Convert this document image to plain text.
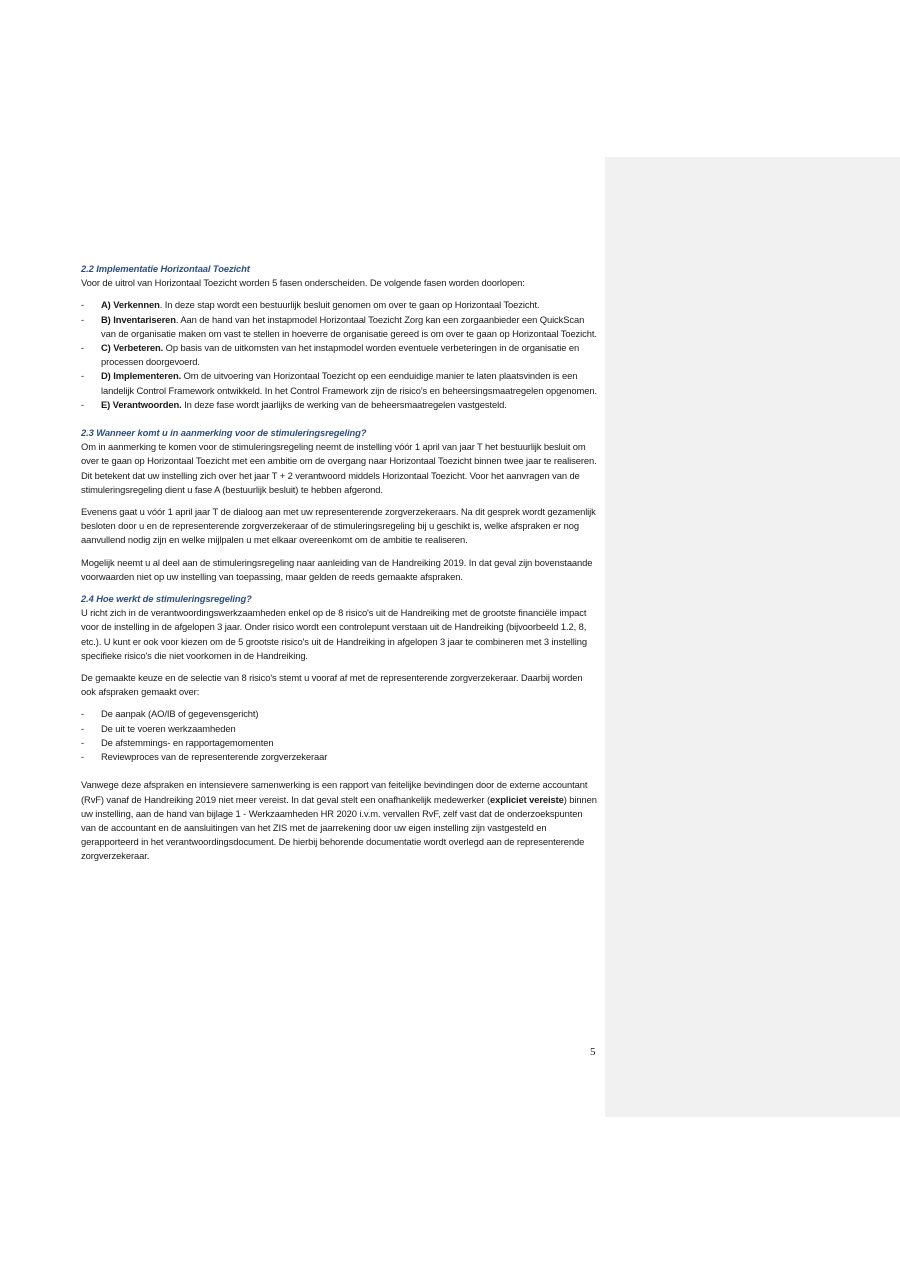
2.2 Implementatie Horizontaal Toezicht

Voor de uitrol van Horizontaal Toezicht worden 5 fasen onderscheiden. De volgende fasen worden doorlopen:

- A) Verkennen. In deze stap wordt een bestuurlijk besluit genomen om over te gaan op Horizontaal Toezicht.
- B) Inventariseren. Aan de hand van het instapmodel Horizontaal Toezicht Zorg kan een zorgaanbieder een QuickScan van de organisatie maken om vast te stellen in hoeverre de organisatie gereed is om over te gaan op Horizontaal Toezicht.
- C) Verbeteren. Op basis van de uitkomsten van het instapmodel worden eventuele verbeteringen in de organisatie en processen doorgevoerd.
- D) Implementeren. Om de uitvoering van Horizontaal Toezicht op een eenduidige manier te laten plaatsvinden is een landelijk Control Framework ontwikkeld. In het Control Framework zijn de risico's en beheersingsmaatregelen opgenomen.
- E) Verantwoorden. In deze fase wordt jaarlijks de werking van de beheersmaatregelen vastgesteld.

2.3 Wanneer komt u in aanmerking voor de stimuleringsregeling?

Om in aanmerking te komen voor de stimuleringsregeling neemt de instelling vóór 1 april van jaar T het bestuurlijk besluit om over te gaan op Horizontaal Toezicht met een ambitie om de overgang naar Horizontaal Toezicht binnen twee jaar te realiseren. Dit betekent dat uw instelling zich over het jaar T + 2 verantwoord middels Horizontaal Toezicht. Voor het aanvragen van de stimuleringsregeling dient u fase A (bestuurlijk besluit) te hebben afgerond.

Evenens gaat u vóór 1 april jaar T de dialoog aan met uw representerende zorgverzekeraars. Na dit gesprek wordt gezamenlijk besloten door u en de representerende zorgverzekeraar of de stimuleringsregeling bij u geschikt is, welke afspraken er nog aanvullend nodig zijn en welke mijlpalen u met elkaar overeenkomt om de ambitie te realiseren.

Mogelijk neemt u al deel aan de stimuleringsregeling naar aanleiding van de Handreiking 2019. In dat geval zijn bovenstaande voorwaarden niet op uw instelling van toepassing, maar gelden de reeds gemaakte afspraken.

2.4 Hoe werkt de stimuleringsregeling?

U richt zich in de verantwoordingswerkzaamheden enkel op de 8 risico's uit de Handreiking met de grootste financiële impact voor de instelling in de afgelopen 3 jaar. Onder risico wordt een controlepunt verstaan uit de Handreiking (bijvoorbeeld 1.2, 8, etc.). U kunt er ook voor kiezen om de 5 grootste risico's uit de Handreiking in afgelopen 3 jaar te combineren met 3 instelling specifieke risico's die niet voorkomen in de Handreiking.

De gemaakte keuze en de selectie van 8 risico's stemt u vooraf af met de representerende zorgverzekeraar. Daarbij worden ook afspraken gemaakt over:

- De aanpak (AO/IB of gegevensgericht)
- De uit te voeren werkzaamheden
- De afstemmings- en rapportagemomenten
- Reviewproces van de representerende zorgverzekeraar

Vanwege deze afspraken en intensievere samenwerking is een rapport van feitelijke bevindingen door de externe accountant (RvF) vanaf de Handreiking 2019 niet meer vereist. In dat geval stelt een onafhankelijk medewerker (expliciet vereiste) binnen uw instelling, aan de hand van bijlage 1 - Werkzaamheden HR 2020 i.v.m. vervallen RvF, zelf vast dat de onderzoekspunten van de accountant en de aansluitingen van het ZIS met de jaarrekening door uw eigen instelling zijn vastgesteld en gerapporteerd in het verantwoordingsdocument. De hierbij behorende documentatie wordt overlegd aan de representerende zorgverzekeraar.

5
